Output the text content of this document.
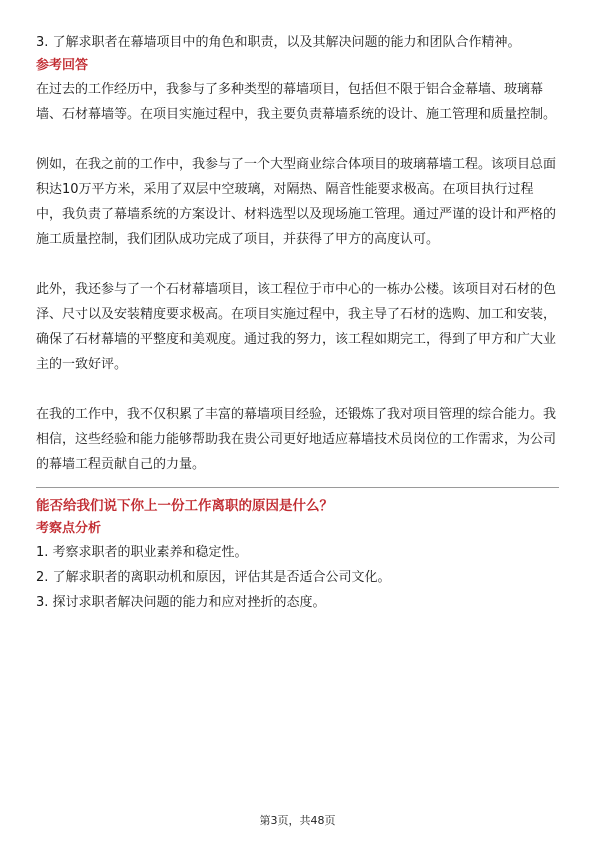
3. 了解求职者在幕墙项目中的角色和职责，以及其解决问题的能力和团队合作精神。

参考回答

在过去的工作经历中，我参与了多种类型的幕墙项目，包括但不限于铝合金幕墙、玻璃幕墙、石材幕墙等。在项目实施过程中，我主要负责幕墙系统的设计、施工管理和质量控制。

例如，在我之前的工作中，我参与了一个大型商业综合体项目的玻璃幕墙工程。该项目总面积达10万平方米，采用了双层中空玻璃，对隔热、隔音性能要求极高。在项目执行过程中，我负责了幕墙系统的方案设计、材料选型以及现场施工管理。通过严谨的设计和严格的施工质量控制，我们团队成功完成了项目，并获得了甲方的高度认可。

此外，我还参与了一个石材幕墙项目，该工程位于市中心的一栋办公楼。该项目对石材的色泽、尺寸以及安装精度要求极高。在项目实施过程中，我主导了石材的选购、加工和安装，确保了石材幕墙的平整度和美观度。通过我的努力，该工程如期完工，得到了甲方和广大业主的一致好评。

在我的工作中，我不仅积累了丰富的幕墙项目经验，还锻炼了我对项目管理的综合能力。我相信，这些经验和能力能够帮助我在贵公司更好地适应幕墙技术员岗位的工作需求，为公司的幕墙工程贡献自己的力量。

能否给我们说下你上一份工作离职的原因是什么？

考察点分析

1. 考察求职者的职业素养和稳定性。

2. 了解求职者的离职动机和原因，评估其是否适合公司文化。

3. 探讨求职者解决问题的能力和应对挫折的态度。

第3页，共48页
